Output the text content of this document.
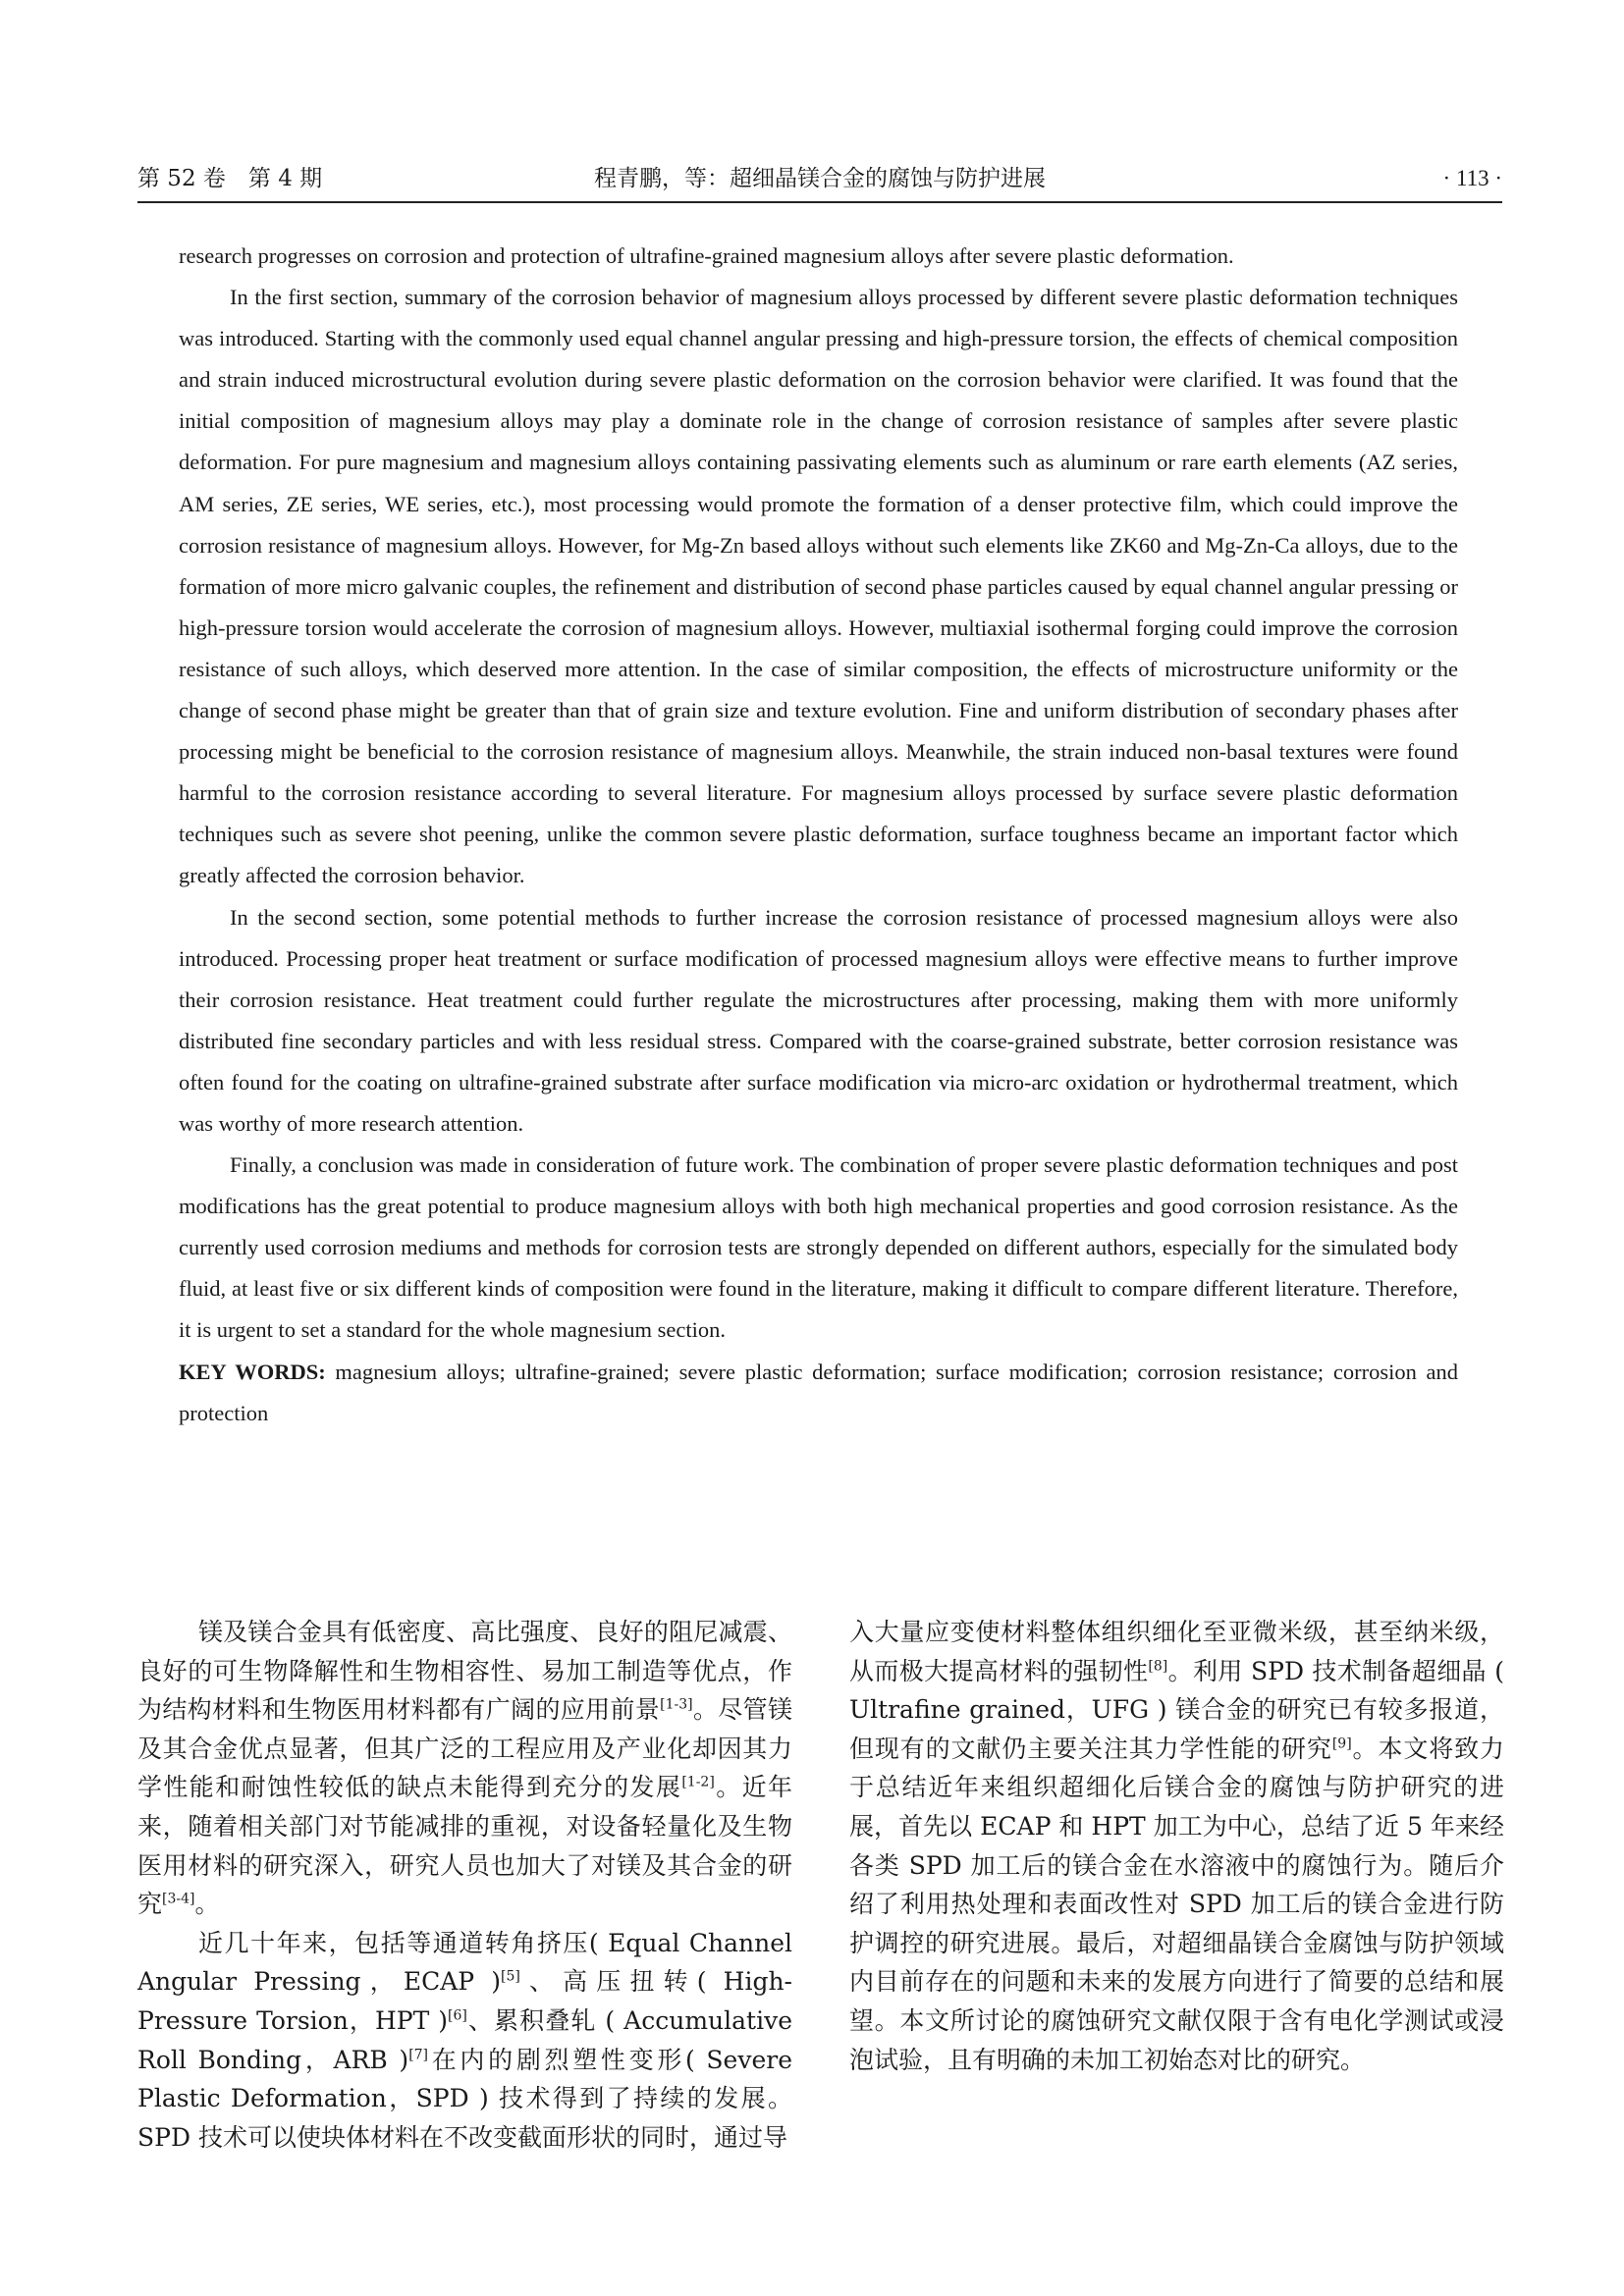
第 52 卷　第 4 期	程青鹏，等：超细晶镁合金的腐蚀与防护进展	· 113 ·

research progresses on corrosion and protection of ultrafine-grained magnesium alloys after severe plastic deformation.

In the first section, summary of the corrosion behavior of magnesium alloys processed by different severe plastic deformation techniques was introduced. Starting with the commonly used equal channel angular pressing and high-pressure torsion, the effects of chemical composition and strain induced microstructural evolution during severe plastic deformation on the corrosion behavior were clarified. It was found that the initial composition of magnesium alloys may play a dominate role in the change of corrosion resistance of samples after severe plastic deformation. For pure magnesium and magnesium alloys containing passivating elements such as aluminum or rare earth elements (AZ series, AM series, ZE series, WE series, etc.), most processing would promote the formation of a denser protective film, which could improve the corrosion resistance of magnesium alloys. However, for Mg-Zn based alloys without such elements like ZK60 and Mg-Zn-Ca alloys, due to the formation of more micro galvanic couples, the refinement and distribution of second phase particles caused by equal channel angular pressing or high-pressure torsion would accelerate the corrosion of magnesium alloys. However, multiaxial isothermal forging could improve the corrosion resistance of such alloys, which deserved more attention. In the case of similar composition, the effects of microstructure uniformity or the change of second phase might be greater than that of grain size and texture evolution. Fine and uniform distribution of secondary phases after processing might be beneficial to the corrosion resistance of magnesium alloys. Meanwhile, the strain induced non-basal textures were found harmful to the corrosion resistance according to several literature. For magnesium alloys processed by surface severe plastic deformation techniques such as severe shot peening, unlike the common severe plastic deformation, surface toughness became an important factor which greatly affected the corrosion behavior.

In the second section, some potential methods to further increase the corrosion resistance of processed magnesium alloys were also introduced. Processing proper heat treatment or surface modification of processed magnesium alloys were effective means to further improve their corrosion resistance. Heat treatment could further regulate the microstructures after processing, making them with more uniformly distributed fine secondary particles and with less residual stress. Compared with the coarse-grained substrate, better corrosion resistance was often found for the coating on ultrafine-grained substrate after surface modification via micro-arc oxidation or hydrothermal treatment, which was worthy of more research attention.

Finally, a conclusion was made in consideration of future work. The combination of proper severe plastic deformation techniques and post modifications has the great potential to produce magnesium alloys with both high mechanical properties and good corrosion resistance. As the currently used corrosion mediums and methods for corrosion tests are strongly depended on different authors, especially for the simulated body fluid, at least five or six different kinds of composition were found in the literature, making it difficult to compare different literature. Therefore, it is urgent to set a standard for the whole magnesium section.

KEY WORDS: magnesium alloys; ultrafine-grained; severe plastic deformation; surface modification; corrosion resistance; corrosion and protection

镁及镁合金具有低密度、高比强度、良好的阻尼减震、良好的可生物降解性和生物相容性、易加工制造等优点，作为结构材料和生物医用材料都有广阔的应用前景[1-3]。尽管镁及其合金优点显著，但其广泛的工程应用及产业化却因其力学性能和耐蚀性较低的缺点未能得到充分的发展[1-2]。近年来，随着相关部门对节能减排的重视，对设备轻量化及生物医用材料的研究深入，研究人员也加大了对镁及其合金的研究[3-4]。

近几十年来，包括等通道转角挤压( Equal Channel Angular Pressing，ECAP )[5]、高压扭转( High-Pressure Torsion，HPT )[6]、累积叠轧 ( Accumulative Roll Bonding，ARB )[7]在内的剧烈塑性变形( Severe Plastic Deformation，SPD ) 技术得到了持续的发展。SPD 技术可以使块体材料在不改变截面形状的同时，通过导

入大量应变使材料整体组织细化至亚微米级，甚至纳米级，从而极大提高材料的强韧性[8]。利用 SPD 技术制备超细晶 ( Ultrafine grained，UFG ) 镁合金的研究已有较多报道，但现有的文献仍主要关注其力学性能的研究[9]。本文将致力于总结近年来组织超细化后镁合金的腐蚀与防护研究的进展，首先以 ECAP 和 HPT 加工为中心，总结了近 5 年来经各类 SPD 加工后的镁合金在水溶液中的腐蚀行为。随后介绍了利用热处理和表面改性对 SPD 加工后的镁合金进行防护调控的研究进展。最后，对超细晶镁合金腐蚀与防护领域内目前存在的问题和未来的发展方向进行了简要的总结和展望。本文所讨论的腐蚀研究文献仅限于含有电化学测试或浸泡试验，且有明确的未加工初始态对比的研究。
